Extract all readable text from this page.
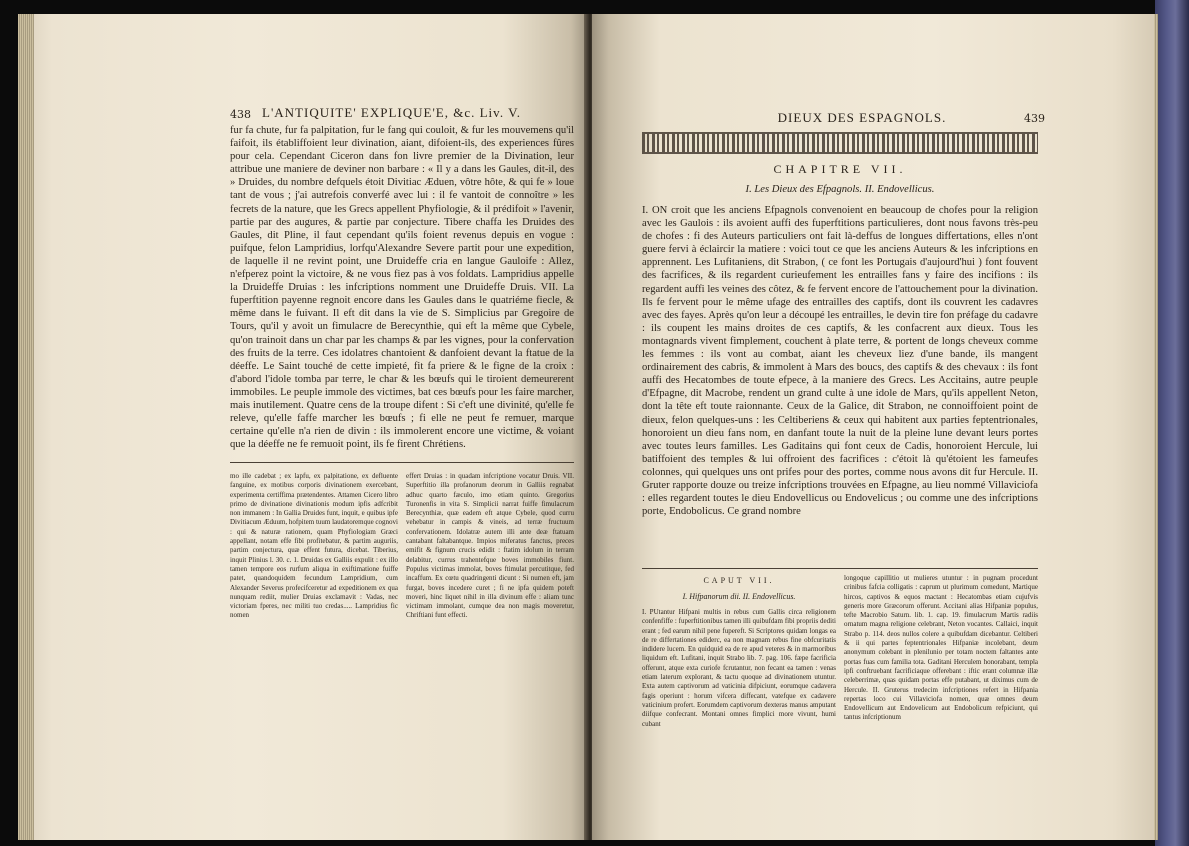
438 L'ANTIQUITE' EXPLIQUE'E, &c. Liv. V.

fur fa chute, fur fa palpitation, fur le fang qui couloit, & fur les mouvemens qu'il faifoit, ils établiffoient leur divination, aiant, difoient-ils, des experiences fûres pour cela. Cependant Ciceron dans fon livre premier de la Divination, leur attribue une maniere de deviner non barbare : « Il y a dans les Gaules, dit-il, des » Druides, du nombre defquels étoit Divitiac Æduen, vôtre hôte, & qui fe » loue tant de vous ; j'ai autrefois converfé avec lui : il fe vantoit de connoître » les fecrets de la nature, que les Grecs appellent Phyfiologie, & il prédifoit » l'avenir, partie par des augures, & partie par conjecture. Tibere chaffa les Druides des Gaules, dit Pline, il faut cependant qu'ils foient revenus depuis en vogue : puifque, felon Lampridius, lorfqu'Alexandre Severe partit pour une expedition, de laquelle il ne revint point, une Druideffe cria en langue Gauloife : Allez, n'efperez point la victoire, & ne vous fiez pas à vos foldats. Lampridius appelle la Druideffe Druias : les infcriptions nomment une Druideffe Druis. VII. La fuperftition payenne regnoit encore dans les Gaules dans le quatriéme fiecle, & même dans le fuivant. Il eft dit dans la vie de S. Simplicius par Gregoire de Tours, qu'il y avoit un fimulacre de Berecynthie, qui eft la même que Cybele, qu'on trainoit dans un char par les champs & par les vignes, pour la confervation des fruits de la terre. Ces idolatres chantoient & danfoient devant la ftatue de la déeffe. Le Saint touché de cette impieté, fit fa priere & le figne de la croix : d'abord l'idole tomba par terre, le char & les bœufs qui le tiroient demeurerent immobiles. Le peuple immole des victimes, bat ces bœufs pour les faire marcher, mais inutilement. Quatre cens de la troupe difent : Si c'eft une divinité, qu'elle fe releve, qu'elle faffe marcher les bœufs ; fi elle ne peut fe remuer, marque certaine qu'elle n'a rien de divin : ils immolerent encore une victime, & voiant que la déeffe ne fe remuoit point, ils fe firent Chrétiens.

mo ille cadebat ; ex lapfu, ex palpitatione, ex defluente fanguine, ex motibus corporis divinationem exercebant, experimenta certiffima prætendentes. Attamen Cicero libro primo de divinatione divinationis modum ipfis adfcribit non immanem : In Gallia Druides funt, inquit, e quibus ipfe Divitiacum Æduum, hofpitem tuum laudatoremque cognovi : qui & naturæ rationem, quam Phyfiologiam Græci appellant, notam effe fibi profitebatur, & partim auguriis, partim conjectura, quæ effent futura, dicebat. Tiberius, inquit Plinius l. 30. c. 1. Druidas ex Galliis expulit : ex illo tamen tempore eos rurfum aliqua in exiftimatione fuiffe patet, quandoquidem fecundum Lampridium, cum Alexander Severus profecifceretur ad expeditionem ex qua nunquam rediit, mulier Druias exclamavit : Vadas, nec victoriam fperes, nec militi tuo credas..... Lampridius fic nomen

effert Druias : in quadam infcriptione vocatur Druis. VII. Superftitio illa profanorum deorum in Galliis regnabat adhuc quarto fæculo, imo etiam quinto. Gregorius Turonenfis in vita S. Simplicii narrat fuiffe fimulacrum Berecynthiæ, quæ eadem eft atque Cybele, quod curru vehebatur in campis & vineis, ad terræ fructuum confervationem. Idolatræ autem illi ante deæ ftatuam cantabant faltabantque. Impios miferatus fanctus, preces emifit & fignum crucis edidit : ftatim idolum in terram delabitur, currus trahentefque boves immobiles fiunt. Populus victimas immolat, boves ftimulat percutitque, fed incaffum. Ex cœtu quadringenti dicunt : Si numen eft, jam furgat, boves incedere curet ; fi ne ipfa quidem poteft moveri, hinc liquet nihil in illa divinum effe : aliam tunc victimam immolant, cumque dea non magis moveretur, Chriftiani funt effecti.

DIEUX DES ESPAGNOLS.	439

CHAPITRE VII.

I. Les Dieux des Efpagnols. II. Endovellicus.

I. ON croit que les anciens Efpagnols convenoient en beaucoup de chofes pour la religion avec les Gaulois : ils avoient auffi des fuperftitions particulieres, dont nous favons très-peu de chofes : fi des Auteurs particuliers ont fait là-deffus de longues differtations, elles n'ont guere fervi à éclaircir la matiere : voici tout ce que les anciens Auteurs & les infcriptions en apprennent. Les Lufitaniens, dit Strabon, ( ce font les Portugais d'aujourd'hui ) font fouvent des facrifices, & ils regardent curieufement les entrailles fans y faire des incifions : ils regardent auffi les veines des côtez, & fe fervent encore de l'attouchement pour la divination. Ils fe fervent pour le même ufage des entrailles des captifs, dont ils couvrent les cadavres avec des fayes. Après qu'on leur a découpé les entrailles, le devin tire fon préfage du cadavre : ils coupent les mains droites de ces captifs, & les confacrent aux dieux. Tous les montagnards vivent fimplement, couchent à plate terre, & portent de longs cheveux comme les femmes : ils vont au combat, aiant les cheveux liez d'une bande, ils mangent ordinairement des cabris, & immolent à Mars des boucs, des captifs & des chevaux : ils font auffi des Hecatombes de toute efpece, à la maniere des Grecs. Les Accitains, autre peuple d'Efpagne, dit Macrobe, rendent un grand culte à une idole de Mars, qu'ils appellent Neton, dont la tête eft toute raionnante. Ceux de la Galice, dit Strabon, ne connoiffoient point de dieux, felon quelques-uns : les Celtiberiens & ceux qui habitent aux parties feptentrionales, honoroient un dieu fans nom, en danfant toute la nuit de la pleine lune devant leurs portes avec toutes leurs familles. Les Gaditains qui font ceux de Cadis, honoroient Hercule, lui batiffoient des temples & lui offroient des facrifices : c'étoit là qu'étoient les fameufes colonnes, qui quelques uns ont prifes pour des portes, comme nous avons dit fur Hercule. II. Gruter rapporte douze ou treize infcriptions trouvées en Efpagne, au lieu nommé Villaviciofa : elles regardent toutes le dieu Endovellicus ou Endovelicus ; ou comme une des infcriptions porte, Endobolicus. Ce grand nombre

CAPUT VII.

I. Hifpanorum dii. II. Endovellicus.

I. PUtantur Hifpani multis in rebus cum Gallis circa religionem confenfiffe : fuperftitionibus tamen illi quibufdam fibi propriis dediti erant ; fed earum nihil pene fupereft. Si Scriptores quidam longas ea de re differtationes ediderc, ea non magnam rebus fine obfcuritatis indidere lucem. En quidquid ea de re apud veteres & in marmoribus liquidum eft. Lufitani, inquit Strabo lib. 7. pag. 106. fæpe facrificia offerunt, atque exta curiofe fcrutantur, non fecant ea tamen : venas etiam laterum explorant, & tactu quoque ad divinationem utuntur. Exta autem captivorum ad vaticinia difpiciunt, eorumque cadavera fagis operiunt : horum vifcera diffecant, vatefque ex cadavere vaticinium profert. Eorumdem captivorum dexteras manus amputant diifque confecrant. Montani omnes fimplici more vivunt, humi cubant

longoque capillitio ut mulieres utuntur : in pugnam procedunt crinibus fafcia colligatis : caprum ut plurimum comedunt, Martique hircos, captivos & equos mactant : Hecatombas etiam cujufvis generis more Græcorum offerunt. Accitani alias Hifpaniæ populus, tefte Macrobio Saturn. lib. 1. cap. 19. fimulacrum Martis radiis ornatum magna religione celebrant, Neton vocantes. Callaici, inquit Strabo p. 114. deos nullos colere a quibufdam dicebantur. Celtiberi & ii qui partes feptentrionales Hifpaniæ incolebant, deum anonymum colebant in plenilunio per totam noctem faltantes ante portas fuas cum familia tota. Gaditani Herculem honorabant, templa ipfi conftruebant facrificiaque offerebant : iftic erant columnæ illæ celeberrimæ, quas quidam portas effe putabant, ut diximus cum de Hercule. II. Gruterus tredecim infcriptiones refert in Hifpania repertas loco cui Villaviciofa nomen, quæ omnes deum Endovellicum aut Endovelicum aut Endobolicum refpiciunt, qui tantus infcriptionum
